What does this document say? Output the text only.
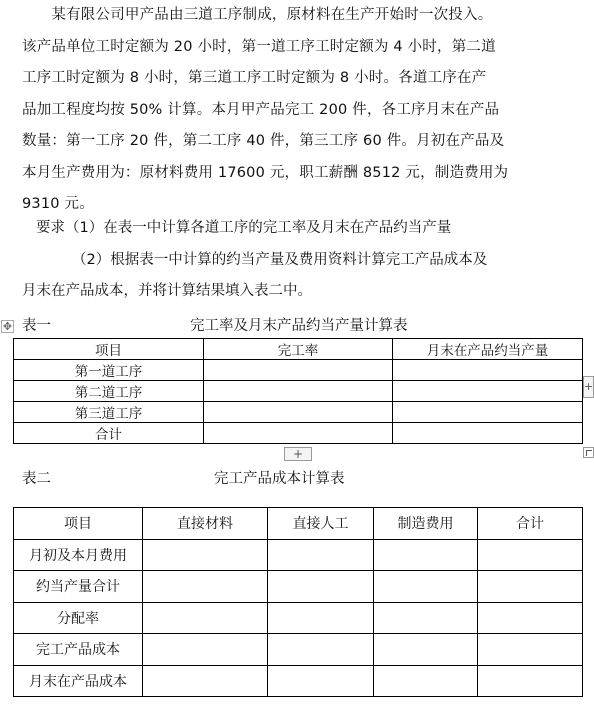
　　某有限公司甲产品由三道工序制成，原材料在生产开始时一次投入。

该产品单位工时定额为 20 小时，第一道工序工时定额为 4 小时，第二道

工序工时定额为 8 小时，第三道工序工时定额为 8 小时。各道工序在产

品加工程度均按 50% 计算。本月甲产品完工 200 件，各工序月末在产品

数量：第一工序 20 件，第二工序 40 件，第三工序 60 件。月初在产品及

本月生产费用为：原材料费用 17600 元，职工薪酬 8512 元，制造费用为

9310 元。

要求（1）在表一中计算各道工序的完工率及月末在产品约当产量
（2）根据表一中计算的约当产量及费用资料计算完工产品成本及
月末在产品成本，并将计算结果填入表二中。
✥ 表一	完工率及月末产品约当产量计算表
项目	完工率	月末在产品约当产量
第一道工序		
第二道工序		
第三道工序		
合计		
+
+
表二	完工产品成本计算表
项目	直接材料	直接人工	制造费用	合计
月初及本月费用				
约当产量合计				
分配率				
完工产品成本				
月末在产品成本				
